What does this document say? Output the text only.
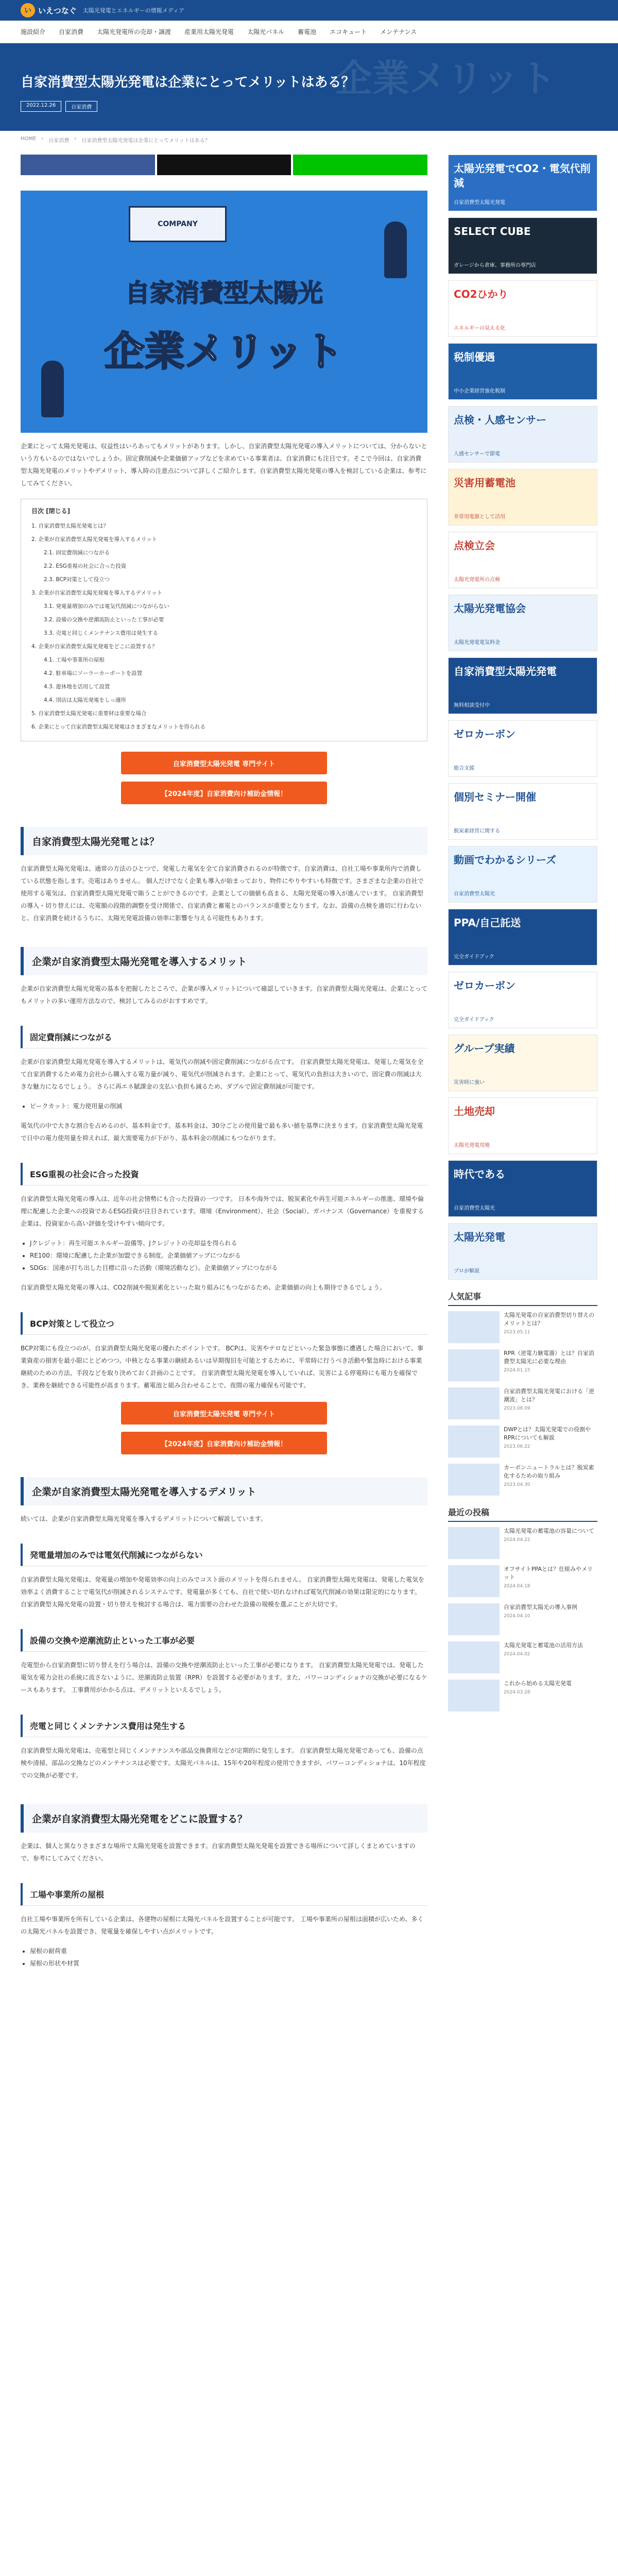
い いえつなぐ 太陽光発電とエネルギーの情報メディア
施設紹介 自家消費 太陽光発電所の売却・譲渡 産業用太陽光発電 太陽光パネル 蓄電池 エコキュート メンテナンス
企業メリット
自家消費型太陽光発電は企業にとってメリットはある？
2022.12.26	自家消費
HOME › 自家消費 › 自家消費型太陽光発電は企業にとってメリットはある？
COMPANY
自家消費型太陽光
企業メリット

企業にとって太陽光発電は、収益性はいろあってもメリットがあります。しかし、自家消費型太陽光発電の導入メリットについては、分からないという方もいるのではないでしょうか。固定費削減や企業価値アップなどを求めている事業者は、自家消費にも注目です。そこで今回は、自家消費型太陽光発電のメリットやデメリット、導入時の注意点について詳しくご紹介します。自家消費型太陽光発電の導入を検討している企業は、参考にしてみてください。

目次 [閉じる]
1. 自家消費型太陽光発電とは？
2. 企業が自家消費型太陽光発電を導入するメリット
2.1. 固定費削減につながる
2.2. ESG重視の社会に合った投資
2.3. BCP対策として役立つ
3. 企業が自家消費型太陽光発電を導入するデメリット
3.1. 発電量増加のみでは電気代削減につながらない
3.2. 設備の交換や逆潮流防止といった工事が必要
3.3. 売電と同じくメンテナンス費用は発生する
4. 企業が自家消費型太陽光発電をどこに設置する？
4.1. 工場や事業所の屋根
4.2. 駐車場にソーラーカーポートを設置
4.3. 遊休地を活用して設置
4.4. 別店は太陽光発電をしっ適所
5. 自家消費型太陽光発電に重要材は重要な場合
6. 企業にとって自家消費型太陽光発電はさまざまなメリットを得られる
自家消費型太陽光発電 専門サイト
【2024年度】自家消費向け補助金情報！
自家消費型太陽光発電とは？

自家消費型太陽光発電は、通常の方法のひとつで、発電した電気を全て自家消費されるのが特徴です。自家消費は、自社工場や事業所内で消費している状態を指します。売電はありません。 個人だけでなく企業も導入が始まっており、物件にやりやすいも特徴です。さまざまな企業の自社で使用する電気は、自家消費型太陽光発電で賄うことができるのです。企業としての価値も高まる、太陽光発電の導入が進んでいます。 自家消費型の導入・切り替えには、売電額の段階的調整を受け関係で、自家消費と蓄電とのバランスが重要となります。なお、設備の点検を適切に行わないと、自家消費を続けるうちに、太陽光発電設備の効率に影響を与える可能性もあります。

企業が自家消費型太陽光発電を導入するメリット

企業が自家消費型太陽光発電の基本を把握したところで、企業が導入メリットについて確認していきます。自家消費型太陽光発電は、企業にとってもメリットの多い運用方法なので、検討してみるのがおすすめです。

固定費削減につながる

企業が自家消費型太陽光発電を導入するメリットは、電気代の削減や固定費削減につながる点です。 自家消費型太陽光発電は、発電した電気を全て自家消費するため電力会社から購入する電力量が減り、電気代が削減されます。企業にとって、電気代の負担は大きいので、固定費の削減は大きな魅力になるでしょう。 さらに再エネ賦課金の支払い負担も減るため、ダブルで固定費削減が可能です。

• ピークカット：電力使用量の削減

電気代の中で大きな割合を占めるのが、基本料金です。基本料金は、30分ごとの使用量で最も多い値を基準に決まります。自家消費型太陽光発電で日中の電力使用量を抑えれば、最大需要電力が下がり、基本料金の削減にもつながります。

ESG重視の社会に合った投資

自家消費型太陽光発電の導入は、近年の社会情勢にも合った投資の一つです。 日本や海外では、脱炭素化や再生可能エネルギーの推進、環境や倫理に配慮した企業への投資であるESG投資が注目されています。環境（Environment）、社会（Social）、ガバナンス（Governance）を重視する企業は、投資家から高い評価を受けやすい傾向です。

• Jクレジット：再生可能エネルギー設備等、Jクレジットの売却益を得られる
• RE100：環境に配慮した企業が加盟できる制度。企業価値アップにつながる
• SDGs：国連が打ち出した目標に沿った活動（環境活動など）。企業価値アップにつながる

自家消費型太陽光発電の導入は、CO2削減や脱炭素化といった取り組みにもつながるため、企業価値の向上も期待できるでしょう。

BCP対策として役立つ

BCP対策にも役立つのが、自家消費型太陽光発電の優れたポイントです。 BCPは、災害やテロなどといった緊急事態に遭遇した場合において、事業資産の損害を最小限にとどめつつ、中核となる事業の継続あるいは早期復旧を可能とするために、平常時に行うべき活動や緊急時における事業継続のための方法、手段などを取り決めておく計画のことです。 自家消費型太陽光発電を導入していれば、災害による停電時にも電力を確保でき、業務を継続できる可能性が高まります。蓄電池と組み合わせることで、夜間の電力確保も可能です。

自家消費型太陽光発電 専門サイト
【2024年度】自家消費向け補助金情報！
企業が自家消費型太陽光発電を導入するデメリット

続いては、企業が自家消費型太陽光発電を導入するデメリットについて解説しています。

発電量増加のみでは電気代削減につながらない

自家消費型太陽光発電は、発電量の増加や発電効率の向上のみでコスト面のメリットを得られません。 自家消費型太陽光発電は、発電した電気を効率よく消費することで電気代が削減されるシステムです。発電量が多くても、自社で使い切れなければ電気代削減の効果は限定的になります。 自家消費型太陽光発電の設置・切り替えを検討する場合は、電力需要の合わせた設備の規模を選ぶことが大切です。

設備の交換や逆潮流防止といった工事が必要

売電型から自家消費型に切り替えを行う場合は、設備の交換や逆潮流防止といった工事が必要になります。 自家消費型太陽光発電では、発電した電気を電力会社の系統に流さないように、逆潮流防止装置（RPR）を設置する必要があります。また、パワーコンディショナの交換が必要になるケースもあります。 工事費用がかかる点は、デメリットといえるでしょう。

売電と同じくメンテナンス費用は発生する

自家消費型太陽光発電は、売電型と同じくメンテナンスや部品交換費用などが定期的に発生します。 自家消費型太陽光発電であっても、設備の点検や清掃、部品の交換などのメンテナンスは必要です。太陽光パネルは、15年や20年程度の使用できますが、パワーコンディショナは、10年程度での交換が必要です。

企業が自家消費型太陽光発電をどこに設置する？

企業は、個人と異なりさまざまな場所で太陽光発電を設置できます。自家消費型太陽光発電を設置できる場所について詳しくまとめていますので、参考にしてみてください。

工場や事業所の屋根

自社工場や事業所を所有している企業は、各建物の屋根に太陽光パネルを設置することが可能です。 工場や事業所の屋根は面積が広いため、多くの太陽光パネルを設置でき、発電量を確保しやすい点がメリットです。

• 屋根の耐荷重
• 屋根の形状や材質
太陽光発電でCO2・電気代削減
自家消費型太陽光発電
SELECT CUBE
ガレージから倉庫、事務所の専門店
CO2ひかり
エネルギーの見える化
税制優遇
中小企業経営強化税制
点検・人感センサー
人感センサーで節電
災害用蓄電池
非常用電源として活用
点検立会
太陽光発電所の点検
太陽光発電協会
太陽光発電電気料金
自家消費型太陽光発電
無料相談受付中
ゼロカーボン
総合支援
個別セミナー開催
脱炭素経営に関する
動画でわかるシリーズ
自家消費型太陽光
PPA/自己託送
完全ガイドブック
ゼロカーボン
完全ガイドブック
グループ実績
災害時に強い
土地売却
太陽光発電用地
時代である
自家消費型太陽光
太陽光発電
プロが解説
人気記事
太陽光発電の自家消費型切り替えのメリットとは？
2023.05.11
RPR（逆電力継電器）とは？自家消費型太陽光に必要な理由
2024.01.15
自家消費型太陽光発電における「逆潮流」とは？
2023.08.09
DWPとは？太陽光発電での役割やRPRについても解説
2023.06.22
カーボンニュートラルとは？脱炭素化するための取り組み
2023.04.30
最近の投稿
太陽光発電の蓄電池の容量について
2024.04.22
オフサイトPPAとは？仕組みやメリット
2024.04.18
自家消費型太陽光の導入事例
2024.04.10
太陽光発電と蓄電池の活用方法
2024.04.02
これから始める太陽光発電
2024.03.28
